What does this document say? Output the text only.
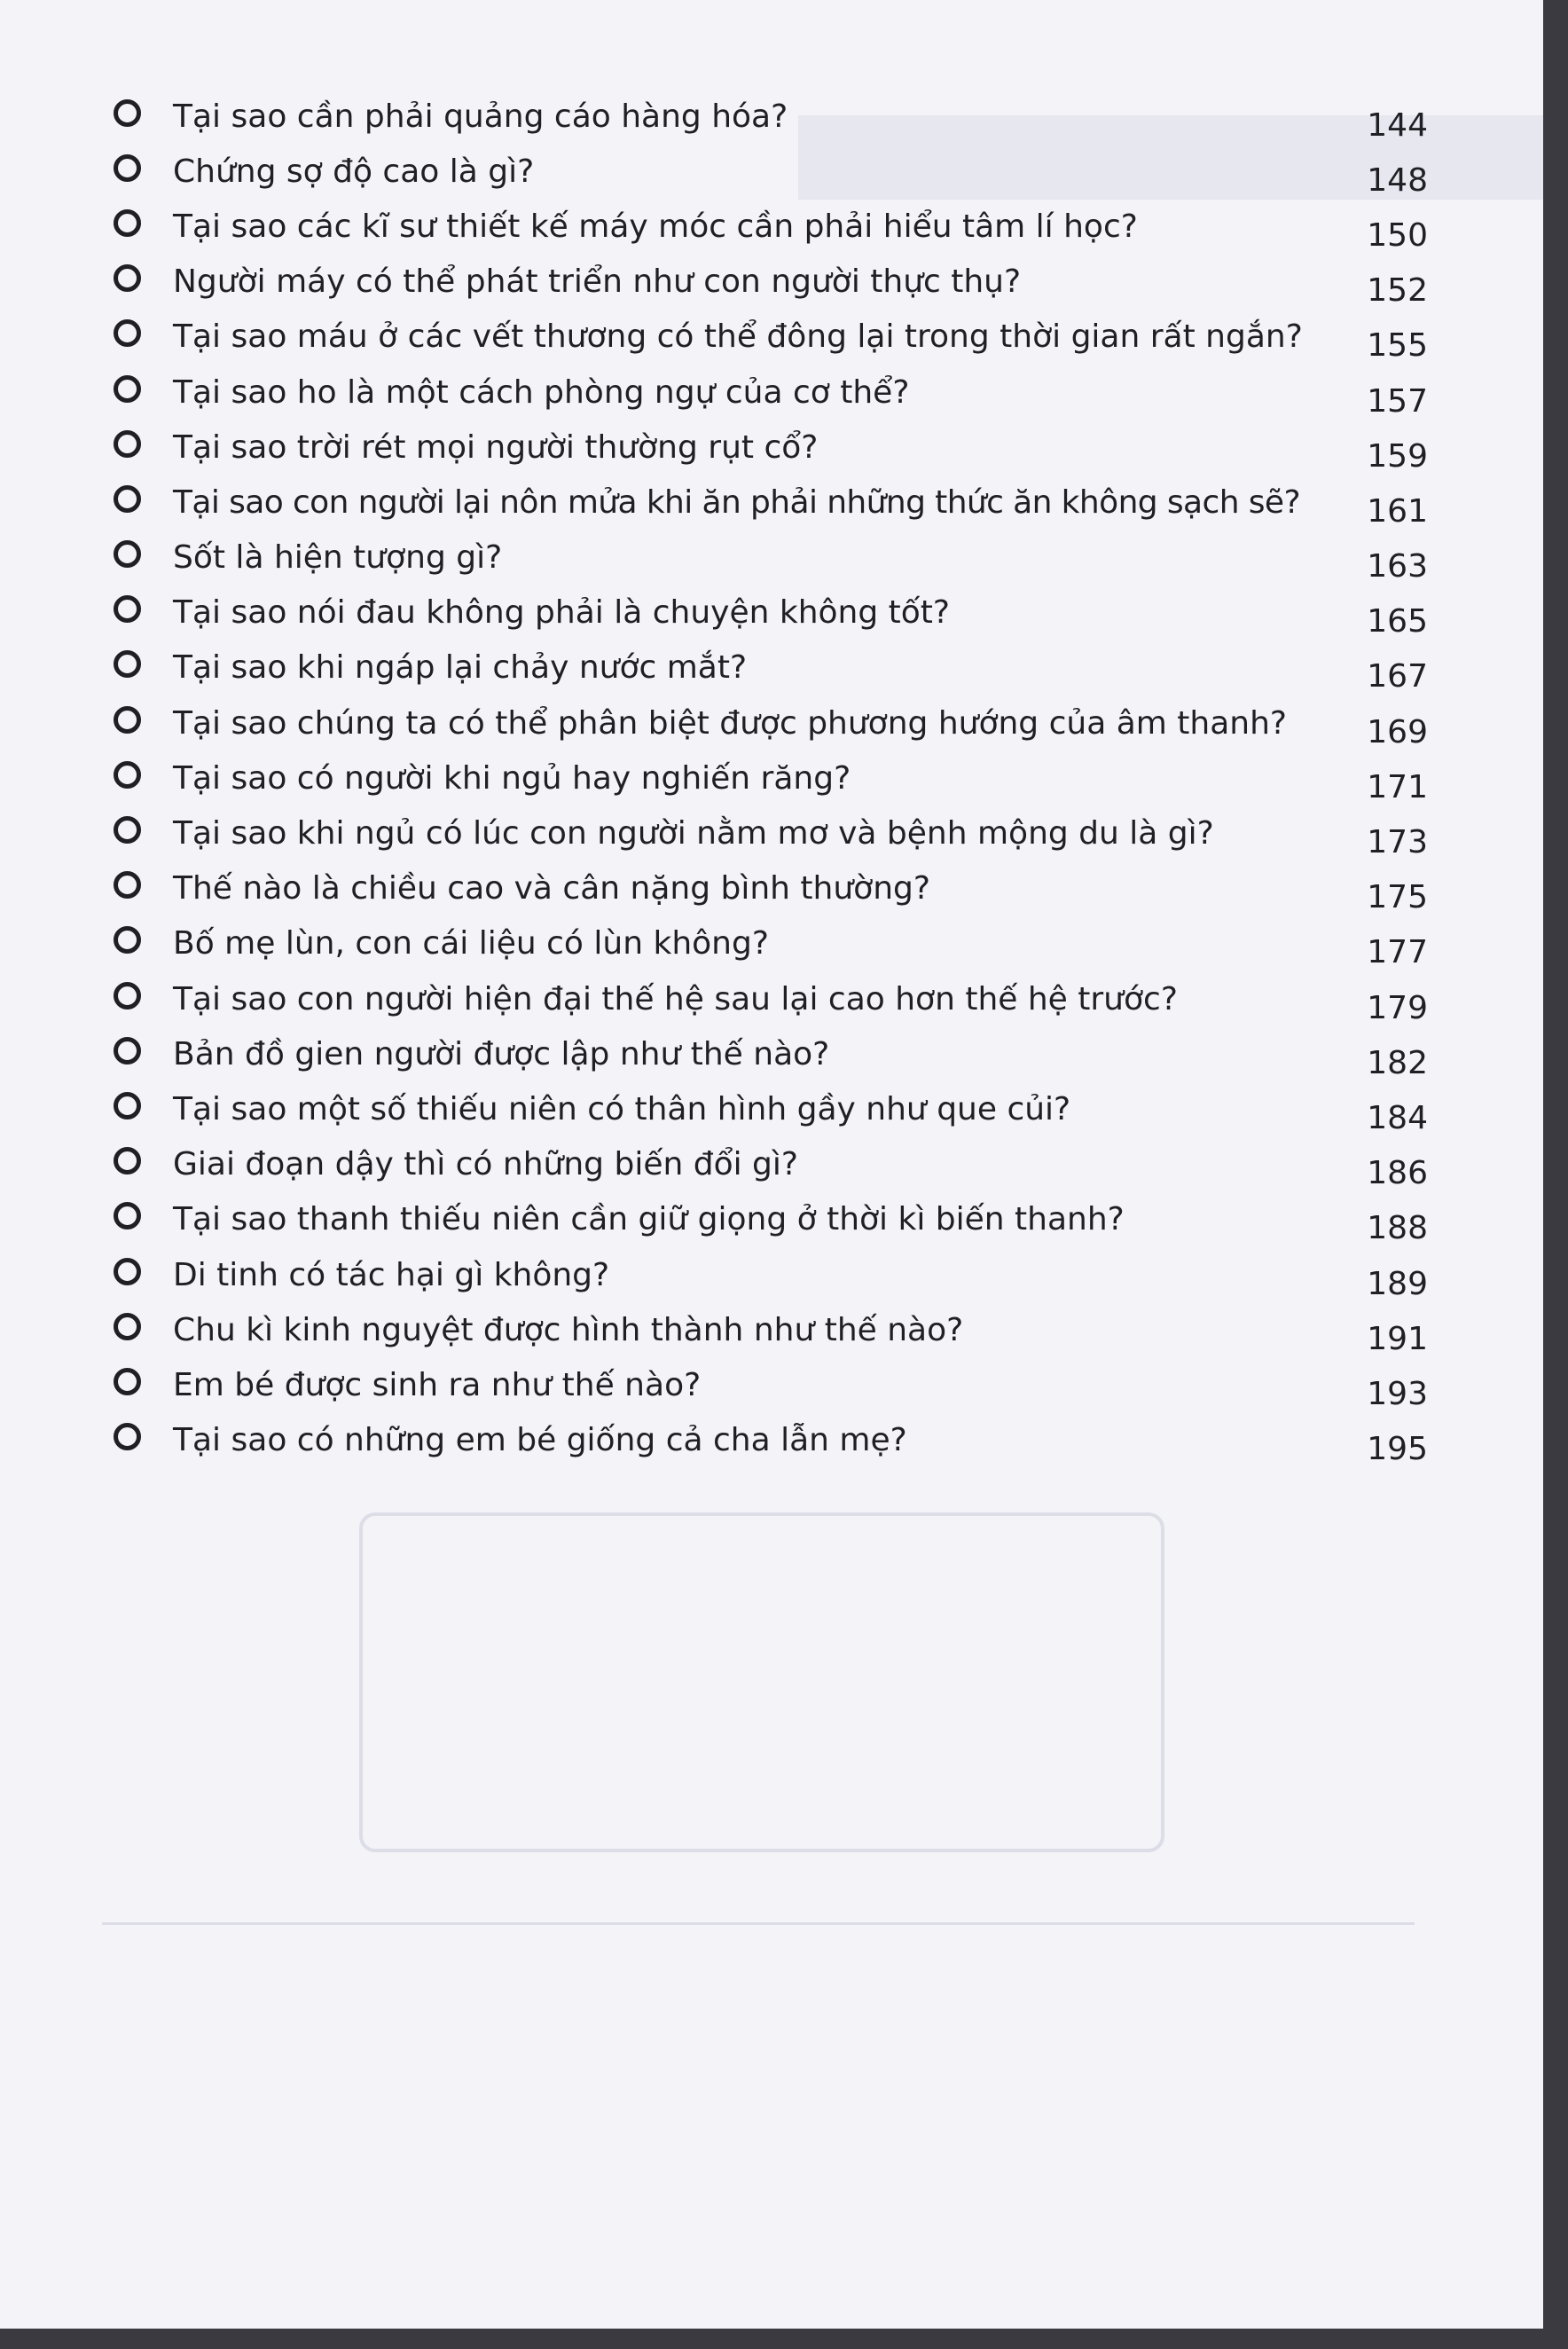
Tại sao cần phải quảng cáo hàng hóa?	144
Chứng sợ độ cao là gì?	148
Tại sao các kĩ sư thiết kế máy móc cần phải hiểu tâm lí học?	150
Người máy có thể phát triển như con người thực thụ?	152
Tại sao máu ở các vết thương có thể đông lại trong thời gian rất ngắn?	155
Tại sao ho là một cách phòng ngự của cơ thể?	157
Tại sao trời rét mọi người thường rụt cổ?	159
Tại sao con người lại nôn mửa khi ăn phải những thức ăn không sạch sẽ?	161
Sốt là hiện tượng gì?	163
Tại sao nói đau không phải là chuyện không tốt?	165
Tại sao khi ngáp lại chảy nước mắt?	167
Tại sao chúng ta có thể phân biệt được phương hướng của âm thanh?	169
Tại sao có người khi ngủ hay nghiến răng?	171
Tại sao khi ngủ có lúc con người nằm mơ và bệnh mộng du là gì?	173
Thế nào là chiều cao và cân nặng bình thường?	175
Bố mẹ lùn, con cái liệu có lùn không?	177
Tại sao con người hiện đại thế hệ sau lại cao hơn thế hệ trước?	179
Bản đồ gien người được lập như thế nào?	182
Tại sao một số thiếu niên có thân hình gầy như que củi?	184
Giai đoạn dậy thì có những biến đổi gì?	186
Tại sao thanh thiếu niên cần giữ giọng ở thời kì biến thanh?	188
Di tinh có tác hại gì không?	189
Chu kì kinh nguyệt được hình thành như thế nào?	191
Em bé được sinh ra như thế nào?	193
Tại sao có những em bé giống cả cha lẫn mẹ?	195
